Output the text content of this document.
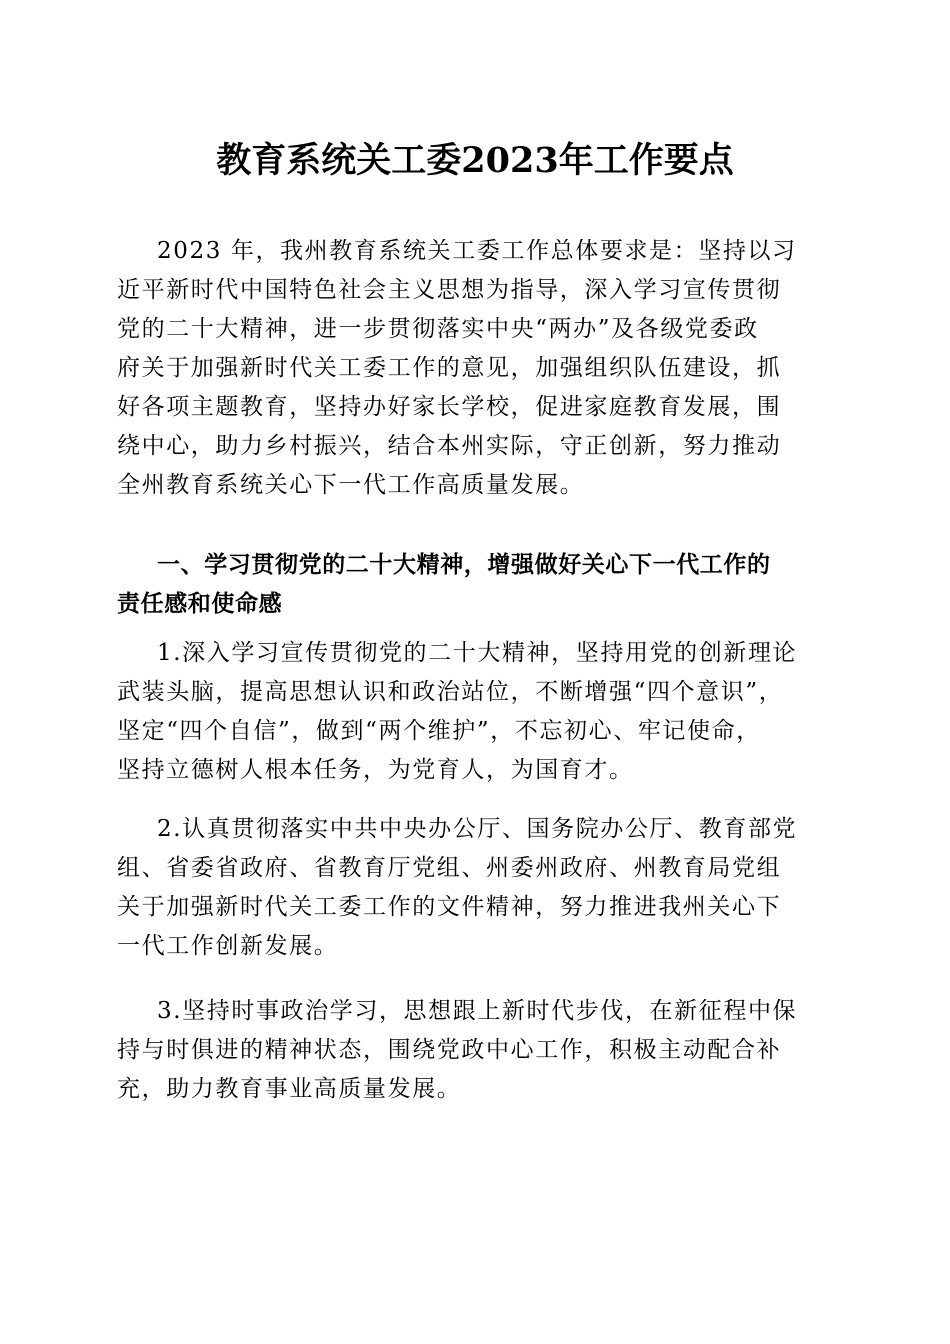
教育系统关工委2023年工作要点
2023 年，我州教育系统关工委工作总体要求是：坚持以习
近平新时代中国特色社会主义思想为指导，深入学习宣传贯彻
党的二十大精神，进一步贯彻落实中央“两办”及各级党委政
府关于加强新时代关工委工作的意见，加强组织队伍建设，抓
好各项主题教育，坚持办好家长学校，促进家庭教育发展，围
绕中心，助力乡村振兴，结合本州实际，守正创新，努力推动
全州教育系统关心下一代工作高质量发展。
一、学习贯彻党的二十大精神，增强做好关心下一代工作的
责任感和使命感
1.深入学习宣传贯彻党的二十大精神，坚持用党的创新理论
武装头脑，提高思想认识和政治站位，不断增强“四个意识”，
坚定“四个自信”，做到“两个维护”，不忘初心、牢记使命，
坚持立德树人根本任务，为党育人，为国育才。
2.认真贯彻落实中共中央办公厅、国务院办公厅、教育部党
组、省委省政府、省教育厅党组、州委州政府、州教育局党组
关于加强新时代关工委工作的文件精神，努力推进我州关心下
一代工作创新发展。
3.坚持时事政治学习，思想跟上新时代步伐，在新征程中保
持与时俱进的精神状态，围绕党政中心工作，积极主动配合补
充，助力教育事业高质量发展。
